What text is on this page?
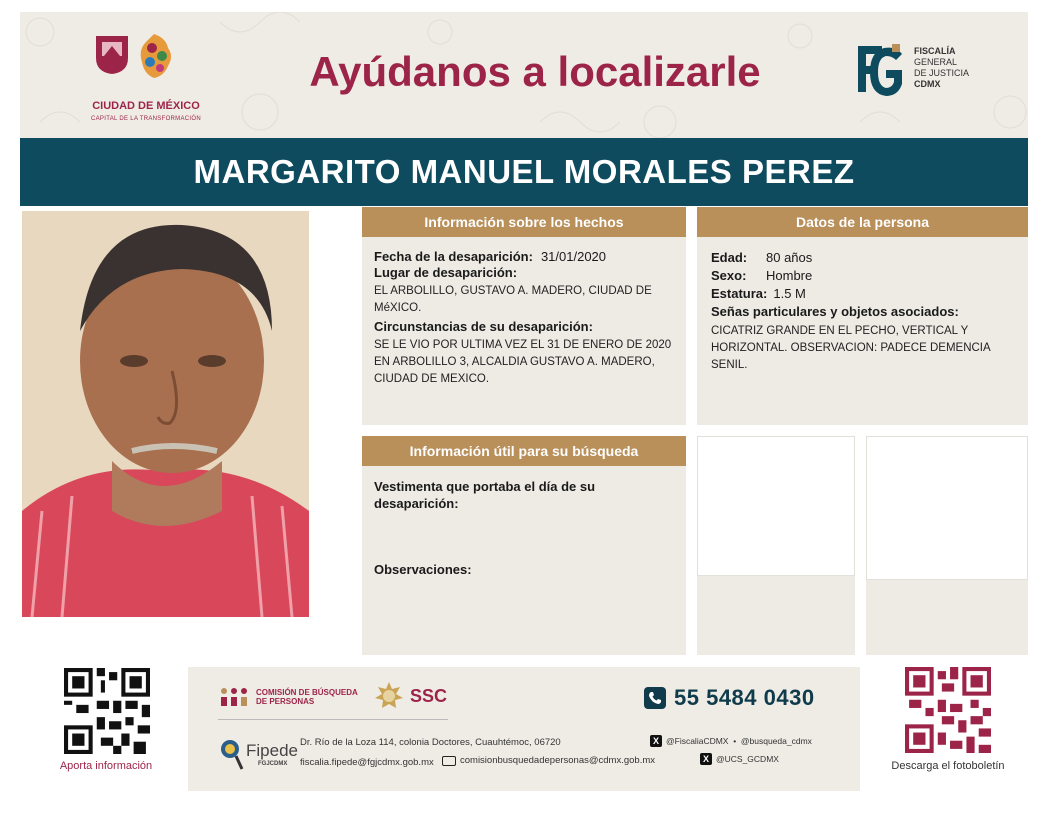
CIUDAD DE MÉXICO
CAPITAL DE LA TRANSFORMACIÓN
Ayúdanos a localizarle	FISCALÍA
GENERAL
DE JUSTICIA
CDMX
MARGARITO MANUEL MORALES PEREZ
Información sobre los hechos
Fecha de la desaparición: 31/01/2020
Lugar de desaparición:
EL ARBOLILLO, GUSTAVO A. MADERO, CIUDAD DE MéXICO.
Circunstancias de su desaparición:
SE LE VIO POR ULTIMA VEZ EL 31 DE ENERO DE 2020 EN ARBOLILLO 3, ALCALDIA GUSTAVO A. MADERO, CIUDAD DE MEXICO.
Datos de la persona
Edad: 80 años
Sexo: Hombre
Estatura: 1.5 M
Señas particulares y objetos asociados:
CICATRIZ GRANDE EN EL PECHO, VERTICAL Y HORIZONTAL. OBSERVACION: PADECE DEMENCIA SENIL.
Información útil para su búsqueda
Vestimenta que portaba el día de su desaparición:
Observaciones:
Aporta información	Descarga el fotoboletín
COMISIÓN DE BÚSQUEDA
DE PERSONAS	SSC	55 5484 0430
Fipede
FGJCDMX
Dr. Río de la Loza 114, colonia Doctores, Cuauhtémoc, 06720
fiscalia.fipede@fgjcdmx.gob.mx	comisionbusquedadepersonas@cdmx.gob.mx
X @FiscaliaCDMX  •  @busqueda_cdmx
X @UCS_GCDMX
